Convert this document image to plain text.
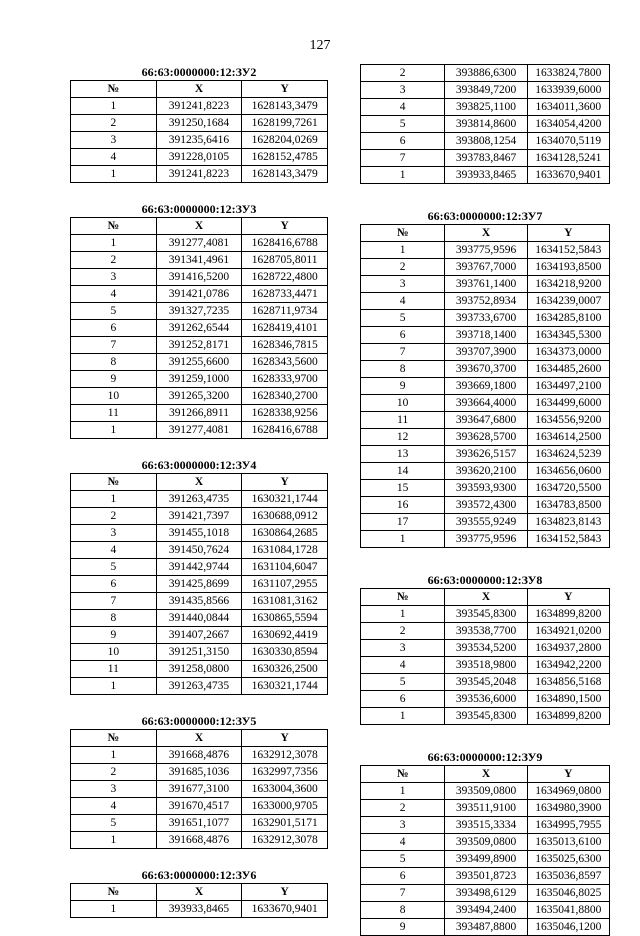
127
66:63:0000000:12:ЗУ2
№	X	Y
1	391241,8223	1628143,3479
2	391250,1684	1628199,7261
3	391235,6416	1628204,0269
4	391228,0105	1628152,4785
1	391241,8223	1628143,3479
66:63:0000000:12:ЗУ3
№	X	Y
1	391277,4081	1628416,6788
2	391341,4961	1628705,8011
3	391416,5200	1628722,4800
4	391421,0786	1628733,4471
5	391327,7235	1628711,9734
6	391262,6544	1628419,4101
7	391252,8171	1628346,7815
8	391255,6600	1628343,5600
9	391259,1000	1628333,9700
10	391265,3200	1628340,2700
11	391266,8911	1628338,9256
1	391277,4081	1628416,6788
66:63:0000000:12:ЗУ4
№	X	Y
1	391263,4735	1630321,1744
2	391421,7397	1630688,0912
3	391455,1018	1630864,2685
4	391450,7624	1631084,1728
5	391442,9744	1631104,6047
6	391425,8699	1631107,2955
7	391435,8566	1631081,3162
8	391440,0844	1630865,5594
9	391407,2667	1630692,4419
10	391251,3150	1630330,8594
11	391258,0800	1630326,2500
1	391263,4735	1630321,1744
66:63:0000000:12:ЗУ5
№	X	Y
1	391668,4876	1632912,3078
2	391685,1036	1632997,7356
3	391677,3100	1633004,3600
4	391670,4517	1633000,9705
5	391651,1077	1632901,5171
1	391668,4876	1632912,3078
66:63:0000000:12:ЗУ6
№	X	Y
1	393933,8465	1633670,9401
2	393886,6300	1633824,7800
3	393849,7200	1633939,6000
4	393825,1100	1634011,3600
5	393814,8600	1634054,4200
6	393808,1254	1634070,5119
7	393783,8467	1634128,5241
1	393933,8465	1633670,9401
66:63:0000000:12:ЗУ7
№	X	Y
1	393775,9596	1634152,5843
2	393767,7000	1634193,8500
3	393761,1400	1634218,9200
4	393752,8934	1634239,0007
5	393733,6700	1634285,8100
6	393718,1400	1634345,5300
7	393707,3900	1634373,0000
8	393670,3700	1634485,2600
9	393669,1800	1634497,2100
10	393664,4000	1634499,6000
11	393647,6800	1634556,9200
12	393628,5700	1634614,2500
13	393626,5157	1634624,5239
14	393620,2100	1634656,0600
15	393593,9300	1634720,5500
16	393572,4300	1634783,8500
17	393555,9249	1634823,8143
1	393775,9596	1634152,5843
66:63:0000000:12:ЗУ8
№	X	Y
1	393545,8300	1634899,8200
2	393538,7700	1634921,0200
3	393534,5200	1634937,2800
4	393518,9800	1634942,2200
5	393545,2048	1634856,5168
6	393536,6000	1634890,1500
1	393545,8300	1634899,8200
66:63:0000000:12:ЗУ9
№	X	Y
1	393509,0800	1634969,0800
2	393511,9100	1634980,3900
3	393515,3334	1634995,7955
4	393509,0800	1635013,6100
5	393499,8900	1635025,6300
6	393501,8723	1635036,8597
7	393498,6129	1635046,8025
8	393494,2400	1635041,8800
9	393487,8800	1635046,1200
